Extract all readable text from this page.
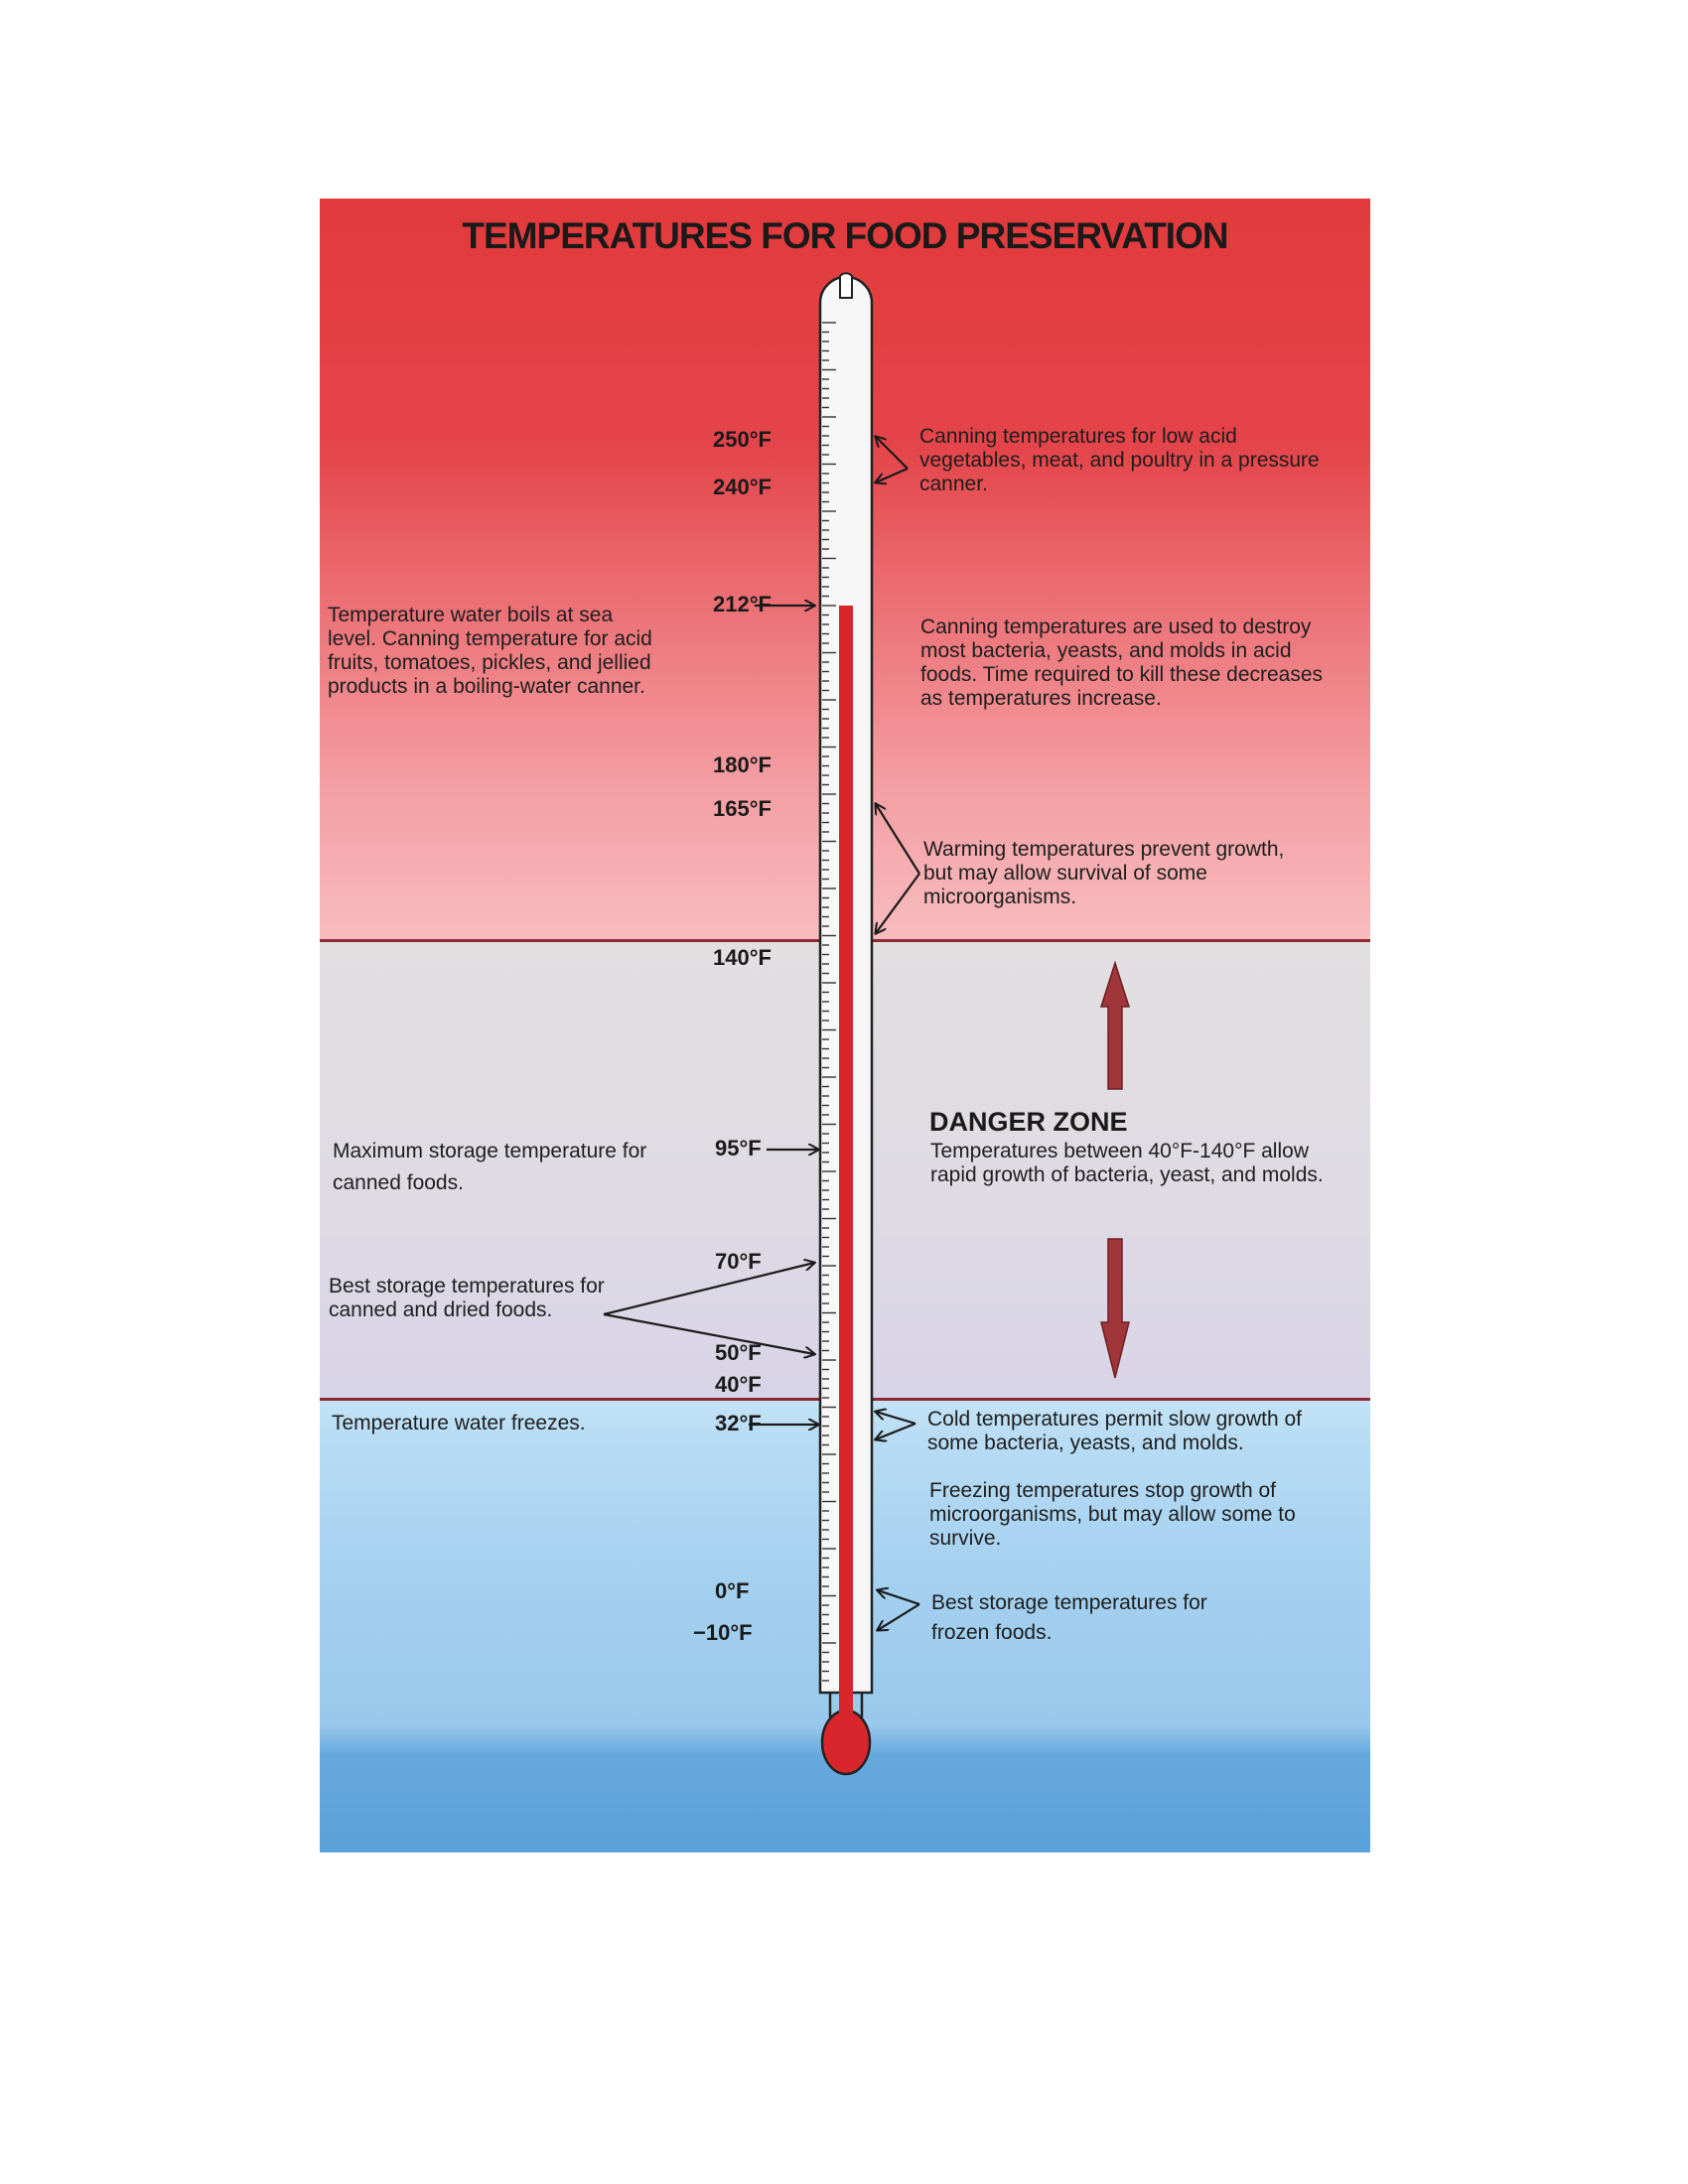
TEMPERATURES FOR FOOD PRESERVATION
250°F
240°F
212°F
180°F
165°F
140°F
95°F
70°F
50°F
40°F
32°F
0°F
−10°F
Canning temperatures for low acid vegetables, meat, and poultry in a pressure canner.
Temperature water boils at sea level. Canning temperature for acid fruits, tomatoes, pickles, and jellied products in a boiling-water canner.
Canning temperatures are used to destroy most bacteria, yeasts, and molds in acid foods. Time required to kill these decreases as temperatures increase.
Warming temperatures prevent growth, but may allow survival of some microorganisms.
DANGER ZONE
Temperatures between 40°F-140°F allow rapid growth of bacteria, yeast, and molds.
Maximum storage temperature for canned foods.
Best storage temperatures for canned and dried foods.
Temperature water freezes.	Cold temperatures permit slow growth of some bacteria, yeasts, and molds.
Freezing temperatures stop growth of microorganisms, but may allow some to survive.
Best storage temperatures for frozen foods.
